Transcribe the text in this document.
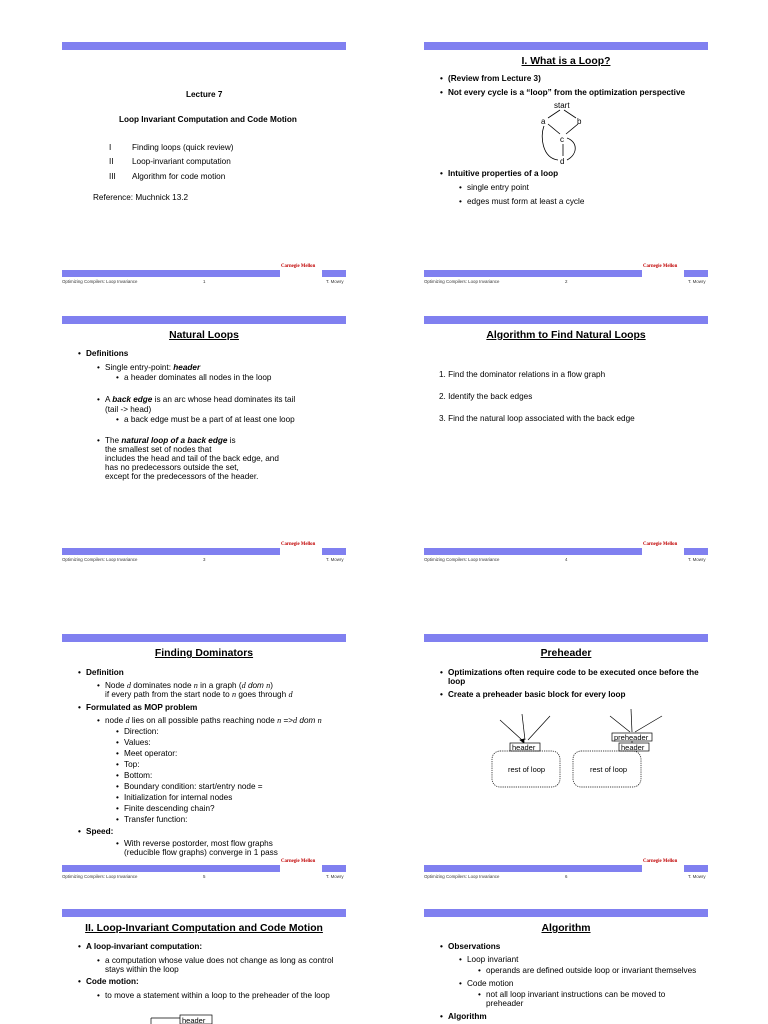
Lecture 7
Loop Invariant Computation and Code Motion
I	Finding loops (quick review)
II Loop-invariant computation
III Algorithm for code motion
Reference: Muchnick 13.2
Carnegie Mellon
Optimizing Compilers: Loop Invariance	1	T. Mowry
I. What is a Loop?
• (Review from Lecture 3)
• Not every cycle is a “loop” from the optimization perspective
start
a	b
c
d
• Intuitive properties of a loop
• single entry point
• edges must form at least a cycle
Carnegie Mellon
Optimizing Compilers: Loop Invariance	2	T. Mowry
Natural Loops
• Definitions
• Single entry-point: header
• a header dominates all nodes in the loop
• A back edge is an arc whose head dominates its tail
(tail -> head)
• a back edge must be a part of at least one loop
• The natural loop of a back edge is
the smallest set of nodes that
includes the head and tail of the back edge, and
has no predecessors outside the set,
except for the predecessors of the header.
Carnegie Mellon
Optimizing Compilers: Loop Invariance	3	T. Mowry
Algorithm to Find Natural Loops
1. Find the dominator relations in a flow graph
2. Identify the back edges
3. Find the natural loop associated with the back edge
Carnegie Mellon
Optimizing Compilers: Loop Invariance	4	T. Mowry
Finding Dominators
• Definition
• Node d dominates node n in a graph (d dom n)
if every path from the start node to n goes through d
• Formulated as MOP problem
• node d lies on all possible paths reaching node n =>d dom n
• Direction:
• Values:
• Meet operator:
• Top:
• Bottom:
• Boundary condition: start/entry node =
• Initialization for internal nodes
• Finite descending chain?
• Transfer function:
• Speed:
• With reverse postorder, most flow graphs
(reducible flow graphs) converge in 1 pass
Carnegie Mellon
Optimizing Compilers: Loop Invariance	5	T. Mowry
Preheader
• Optimizations often require code to be executed once before the
loop
• Create a preheader basic block for every loop
header
rest of loop
preheader
header
rest of loop
Carnegie Mellon
Optimizing Compilers: Loop Invariance	6	T. Mowry
II. Loop-Invariant Computation and Code Motion
• A loop-invariant computation:
• a computation whose value does not change as long as control
stays within the loop
• Code motion:
• to move a statement within a loop to the preheader of the loop
header
Algorithm
• Observations
• Loop invariant
• operands are defined outside loop or invariant themselves
• Code motion
• not all loop invariant instructions can be moved to
preheader
• Algorithm
